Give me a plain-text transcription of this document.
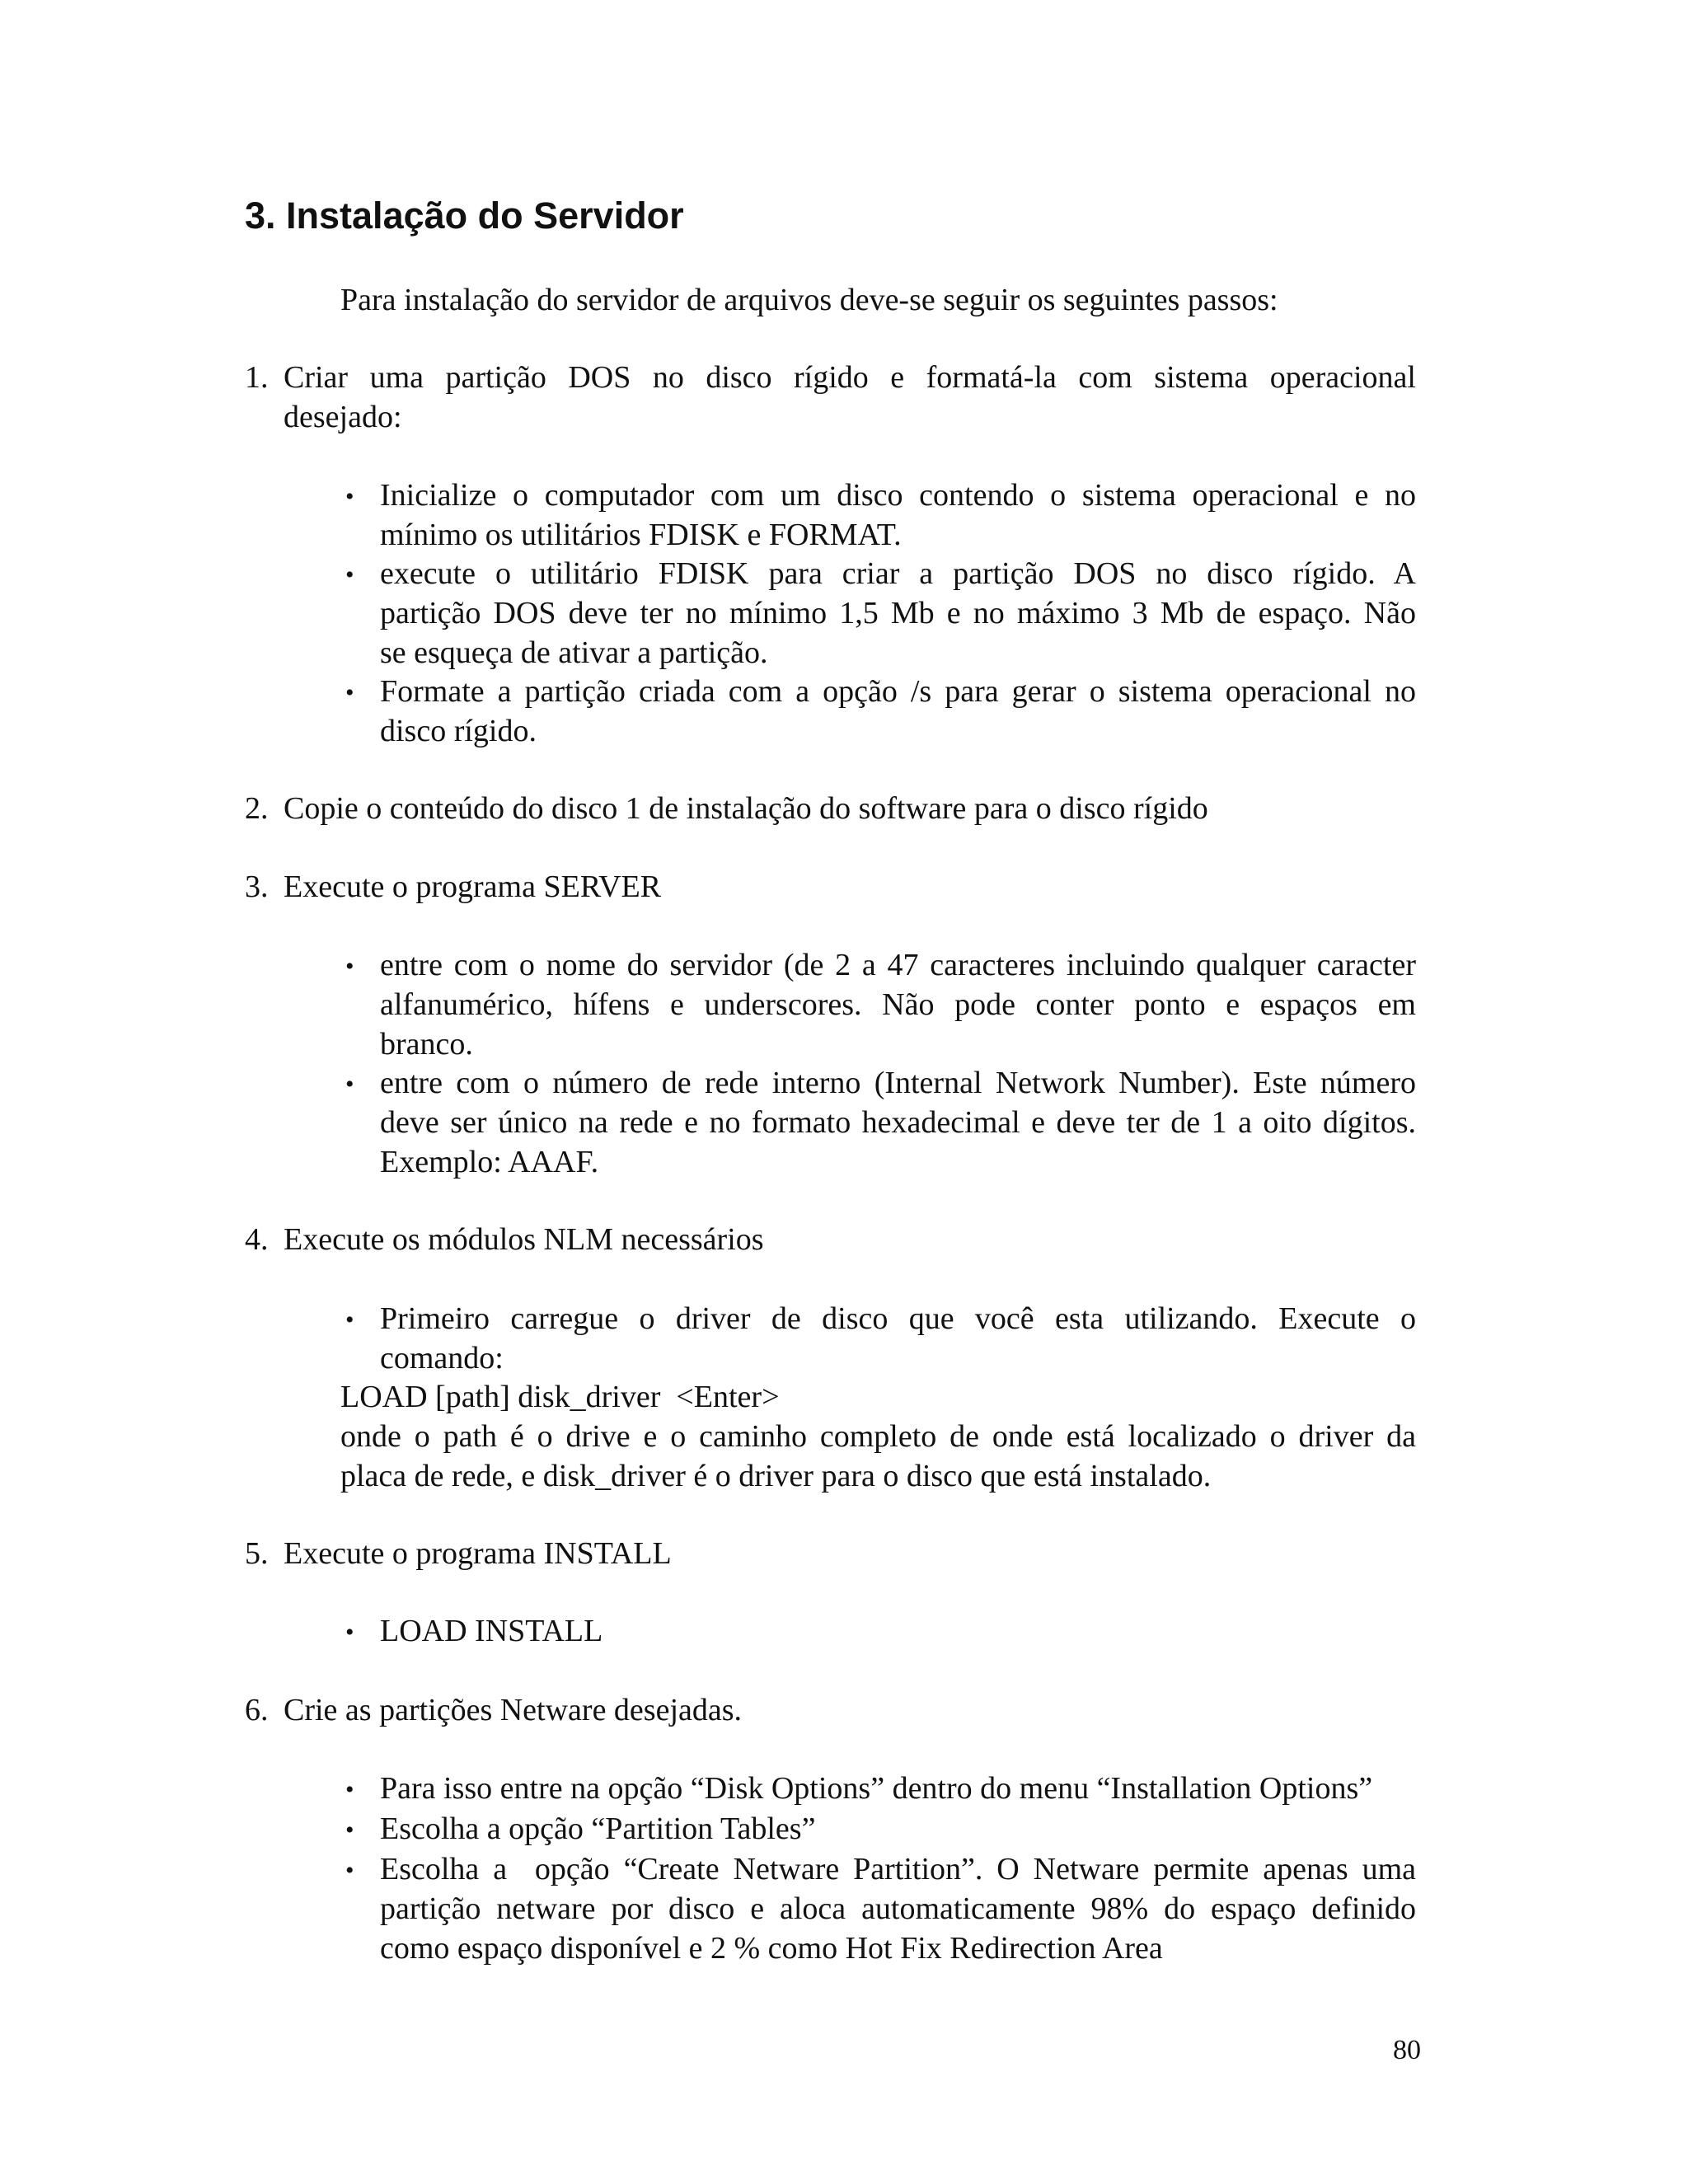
3. Instalação do Servidor
Para instalação do servidor de arquivos deve-se seguir os seguintes passos:
1. Criar uma partição DOS no disco rígido e formatá-la com sistema operacional
desejado:
•
Inicialize o computador com um disco contendo o sistema operacional e no
mínimo os utilitários FDISK e FORMAT.
•
execute o utilitário FDISK para criar a partição DOS no disco rígido. A
partição DOS deve ter no mínimo 1,5 Mb e no máximo 3 Mb de espaço. Não
se esqueça de ativar a partição.
•
Formate a partição criada com a opção /s para gerar o sistema operacional no
disco rígido.
2. Copie o conteúdo do disco 1 de instalação do software para o disco rígido
3. Execute o programa SERVER
•
entre com o nome do servidor (de 2 a 47 caracteres incluindo qualquer caracter
alfanumérico, hífens e underscores. Não pode conter ponto e espaços em
branco.
•
entre com o número de rede interno (Internal Network Number). Este número
deve ser único na rede e no formato hexadecimal e deve ter de 1 a oito dígitos.
Exemplo: AAAF.
4. Execute os módulos NLM necessários
•
Primeiro carregue o driver de disco que você esta utilizando. Execute o
comando:
LOAD [path] disk_driver  <Enter>
onde o path é o drive e o caminho completo de onde está localizado o driver da
placa de rede, e disk_driver é o driver para o disco que está instalado.
5. Execute o programa INSTALL
•
LOAD INSTALL
6. Crie as partições Netware desejadas.
•
Para isso entre na opção “Disk Options” dentro do menu “Installation Options”
•
Escolha a opção “Partition Tables”
•
Escolha a  opção “Create Netware Partition”. O Netware permite apenas uma
partição netware por disco e aloca automaticamente 98% do espaço definido
como espaço disponível e 2 % como Hot Fix Redirection Area
80
